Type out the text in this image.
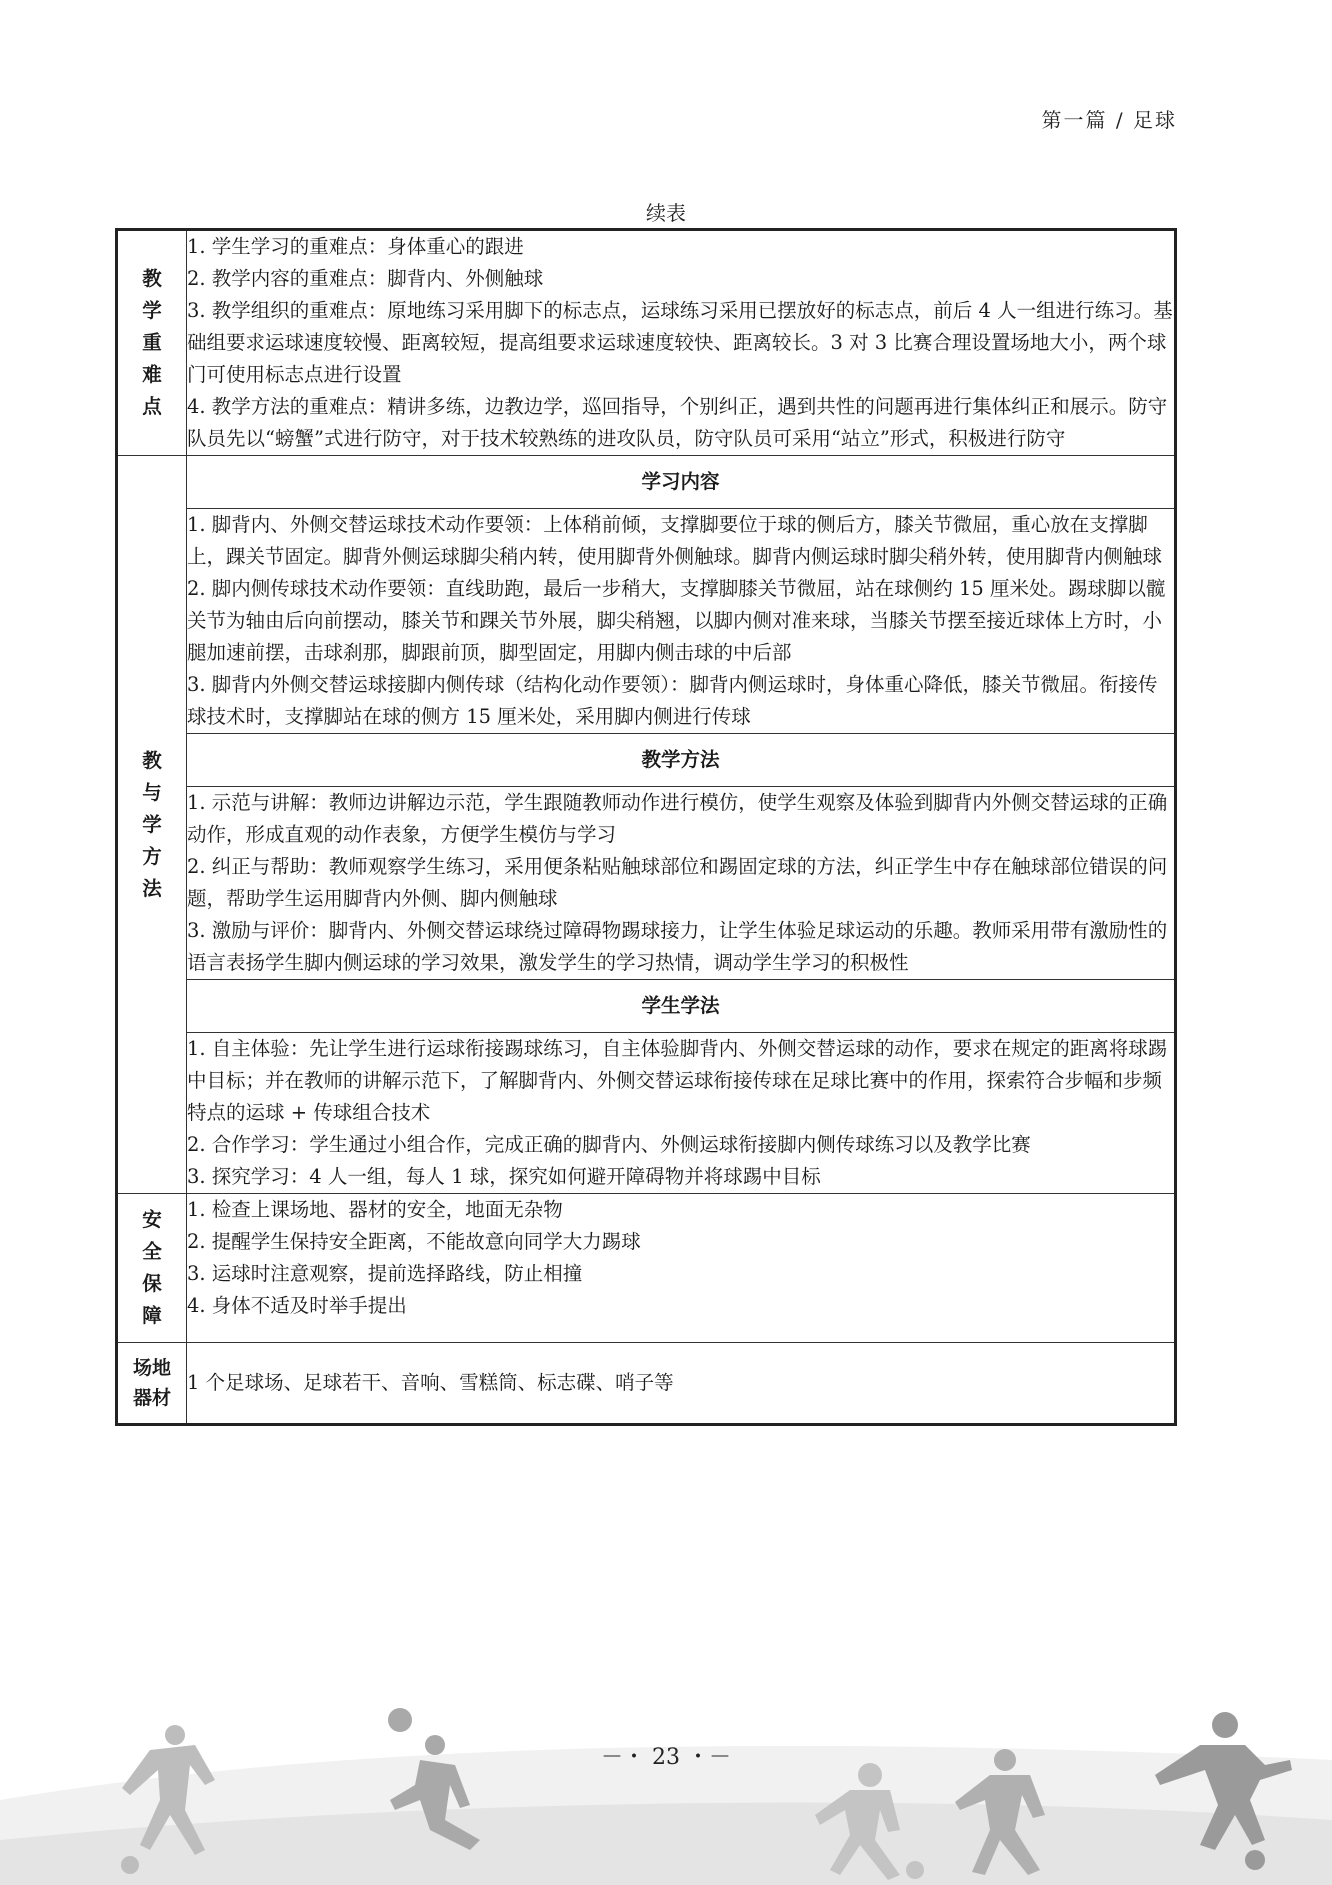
第一篇 / 足球
续表
教学重难点	1. 学生学习的重难点：身体重心的跟进
2. 教学内容的重难点：脚背内、外侧触球
3. 教学组织的重难点：原地练习采用脚下的标志点，运球练习采用已摆放好的标志点，前后 4 人一组进行练习。基础组要求运球速度较慢、距离较短，提高组要求运球速度较快、距离较长。3 对 3 比赛合理设置场地大小，两个球门可使用标志点进行设置
4. 教学方法的重难点：精讲多练，边教边学，巡回指导，个别纠正，遇到共性的问题再进行集体纠正和展示。防守队员先以“螃蟹”式进行防守，对于技术较熟练的进攻队员，防守队员可采用“站立”形式，积极进行防守

教与学方法	学习内容

	1. 脚背内、外侧交替运球技术动作要领：上体稍前倾，支撑脚要位于球的侧后方，膝关节微屈，重心放在支撑脚上，踝关节固定。脚背外侧运球脚尖稍内转，使用脚背外侧触球。脚背内侧运球时脚尖稍外转，使用脚背内侧触球
2. 脚内侧传球技术动作要领：直线助跑，最后一步稍大，支撑脚膝关节微屈，站在球侧约 15 厘米处。踢球脚以髋关节为轴由后向前摆动，膝关节和踝关节外展，脚尖稍翘，以脚内侧对准来球，当膝关节摆至接近球体上方时，小腿加速前摆，击球刹那，脚跟前顶，脚型固定，用脚内侧击球的中后部
3. 脚背内外侧交替运球接脚内侧传球（结构化动作要领）：脚背内侧运球时，身体重心降低，膝关节微屈。衔接传球技术时，支撑脚站在球的侧方 15 厘米处，采用脚内侧进行传球

	教学方法

	1. 示范与讲解：教师边讲解边示范，学生跟随教师动作进行模仿，使学生观察及体验到脚背内外侧交替运球的正确动作，形成直观的动作表象，方便学生模仿与学习
2. 纠正与帮助：教师观察学生练习，采用便条粘贴触球部位和踢固定球的方法，纠正学生中存在触球部位错误的问题，帮助学生运用脚背内外侧、脚内侧触球
3. 激励与评价：脚背内、外侧交替运球绕过障碍物踢球接力，让学生体验足球运动的乐趣。教师采用带有激励性的语言表扬学生脚内侧运球的学习效果，激发学生的学习热情，调动学生学习的积极性

	学生学法

	1. 自主体验：先让学生进行运球衔接踢球练习，自主体验脚背内、外侧交替运球的动作，要求在规定的距离将球踢中目标；并在教师的讲解示范下，了解脚背内、外侧交替运球衔接传球在足球比赛中的作用，探索符合步幅和步频特点的运球 + 传球组合技术
2. 合作学习：学生通过小组合作，完成正确的脚背内、外侧运球衔接脚内侧传球练习以及教学比赛
3. 探究学习：4 人一组，每人 1 球，探究如何避开障碍物并将球踢中目标

安全保障	1. 检查上课场地、器材的安全，地面无杂物
2. 提醒学生保持安全距离，不能故意向同学大力踢球
3. 运球时注意观察，提前选择路线，防止相撞
4. 身体不适及时举手提出

场地
器材	1 个足球场、足球若干、音响、雪糕筒、标志碟、哨子等
－・ 23 ・－
